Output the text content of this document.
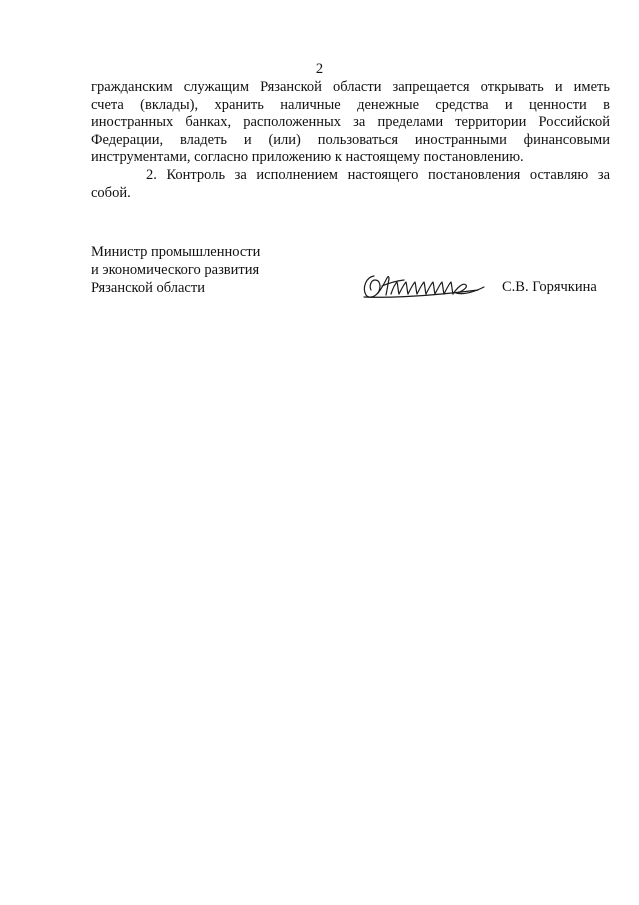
2
гражданским служащим Рязанской области запрещается открывать и иметь
счета (вклады), хранить наличные денежные средства и ценности в
иностранных банках, расположенных за пределами территории Российской
Федерации, владеть и (или) пользоваться иностранными финансовыми
инструментами, согласно приложению к настоящему постановлению.
2. Контроль за исполнением настоящего постановления оставляю за
собой.
Министр промышленности
и экономического развития
Рязанской области	С.В. Горячкина
